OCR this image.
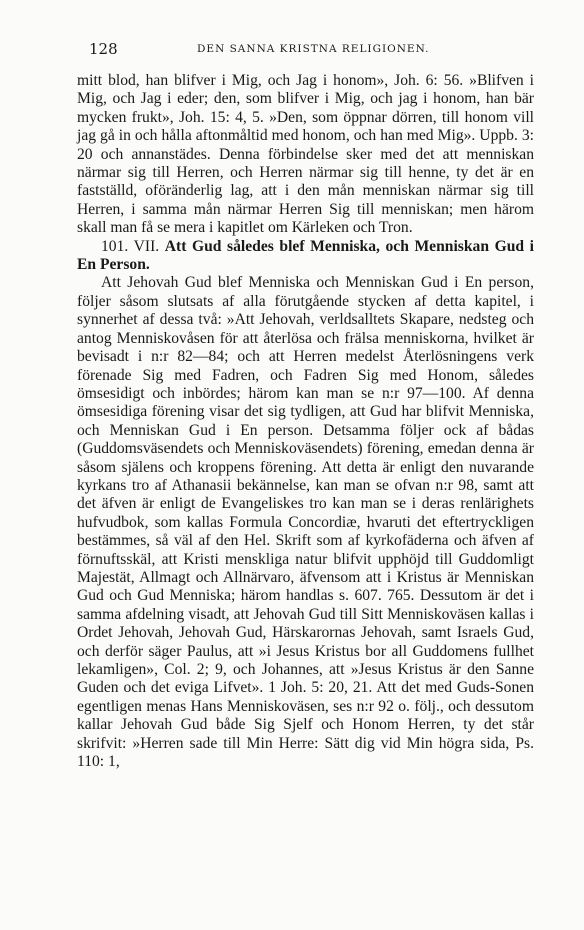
128	DEN SANNA KRISTNA RELIGIONEN.

mitt blod, han blifver i Mig, och Jag i honom», Joh. 6: 56. »Blifven i Mig, och Jag i eder; den, som blifver i Mig, och jag i honom, han bär mycken frukt», Joh. 15: 4, 5. »Den, som öppnar dörren, till honom vill jag gå in och hålla aftonmåltid med honom, och han med Mig». Uppb. 3: 20 och annanstädes. Denna förbindelse sker med det att menniskan närmar sig till Herren, och Herren närmar sig till henne, ty det är en fastställd, oföränderlig lag, att i den mån menniskan närmar sig till Herren, i samma mån närmar Herren Sig till menniskan; men härom skall man få se mera i kapitlet om Kärleken och Tron.

101. VII. Att Gud således blef Menniska, och Menniskan Gud i En Person.

Att Jehovah Gud blef Menniska och Menniskan Gud i En person, följer såsom slutsats af alla förutgående stycken af detta kapitel, i synnerhet af dessa två: »Att Jehovah, verldsalltets Skapare, nedsteg och antog Menniskovåsen för att återlösa och frälsa menniskorna, hvilket är bevisadt i n:r 82—84; och att Herren medelst Återlösningens verk förenade Sig med Fadren, och Fadren Sig med Honom, således ömsesidigt och inbördes; härom kan man se n:r 97—100. Af denna ömsesidiga förening visar det sig tydligen, att Gud har blifvit Menniska, och Menniskan Gud i En person. Detsamma följer ock af bådas (Guddomsväsendets och Menniskoväsendets) förening, emedan denna är såsom själens och kroppens förening. Att detta är enligt den nuvarande kyrkans tro af Athanasii bekännelse, kan man se ofvan n:r 98, samt att det äfven är enligt de Evangeliskes tro kan man se i deras renlärighets hufvudbok, som kallas Formula Concordiæ, hvaruti det eftertryckligen bestämmes, så väl af den Hel. Skrift som af kyrkofäderna och äfven af förnuftsskäl, att Kristi menskliga natur blifvit upphöjd till Guddomligt Majestät, Allmagt och Allnärvaro, äfvensom att i Kristus är Menniskan Gud och Gud Menniska; härom handlas s. 607. 765. Dessutom är det i samma afdelning visadt, att Jehovah Gud till Sitt Menniskoväsen kallas i Ordet Jehovah, Jehovah Gud, Härskarornas Jehovah, samt Israels Gud, och derför säger Paulus, att »i Jesus Kristus bor all Guddomens fullhet lekamligen», Col. 2; 9, och Johannes, att »Jesus Kristus är den Sanne Guden och det eviga Lifvet». 1 Joh. 5: 20, 21. Att det med Guds-Sonen egentligen menas Hans Menniskoväsen, ses n:r 92 o. följ., och dessutom kallar Jehovah Gud både Sig Sjelf och Honom Herren, ty det står skrifvit: »Herren sade till Min Herre: Sätt dig vid Min högra sida, Ps. 110: 1,
